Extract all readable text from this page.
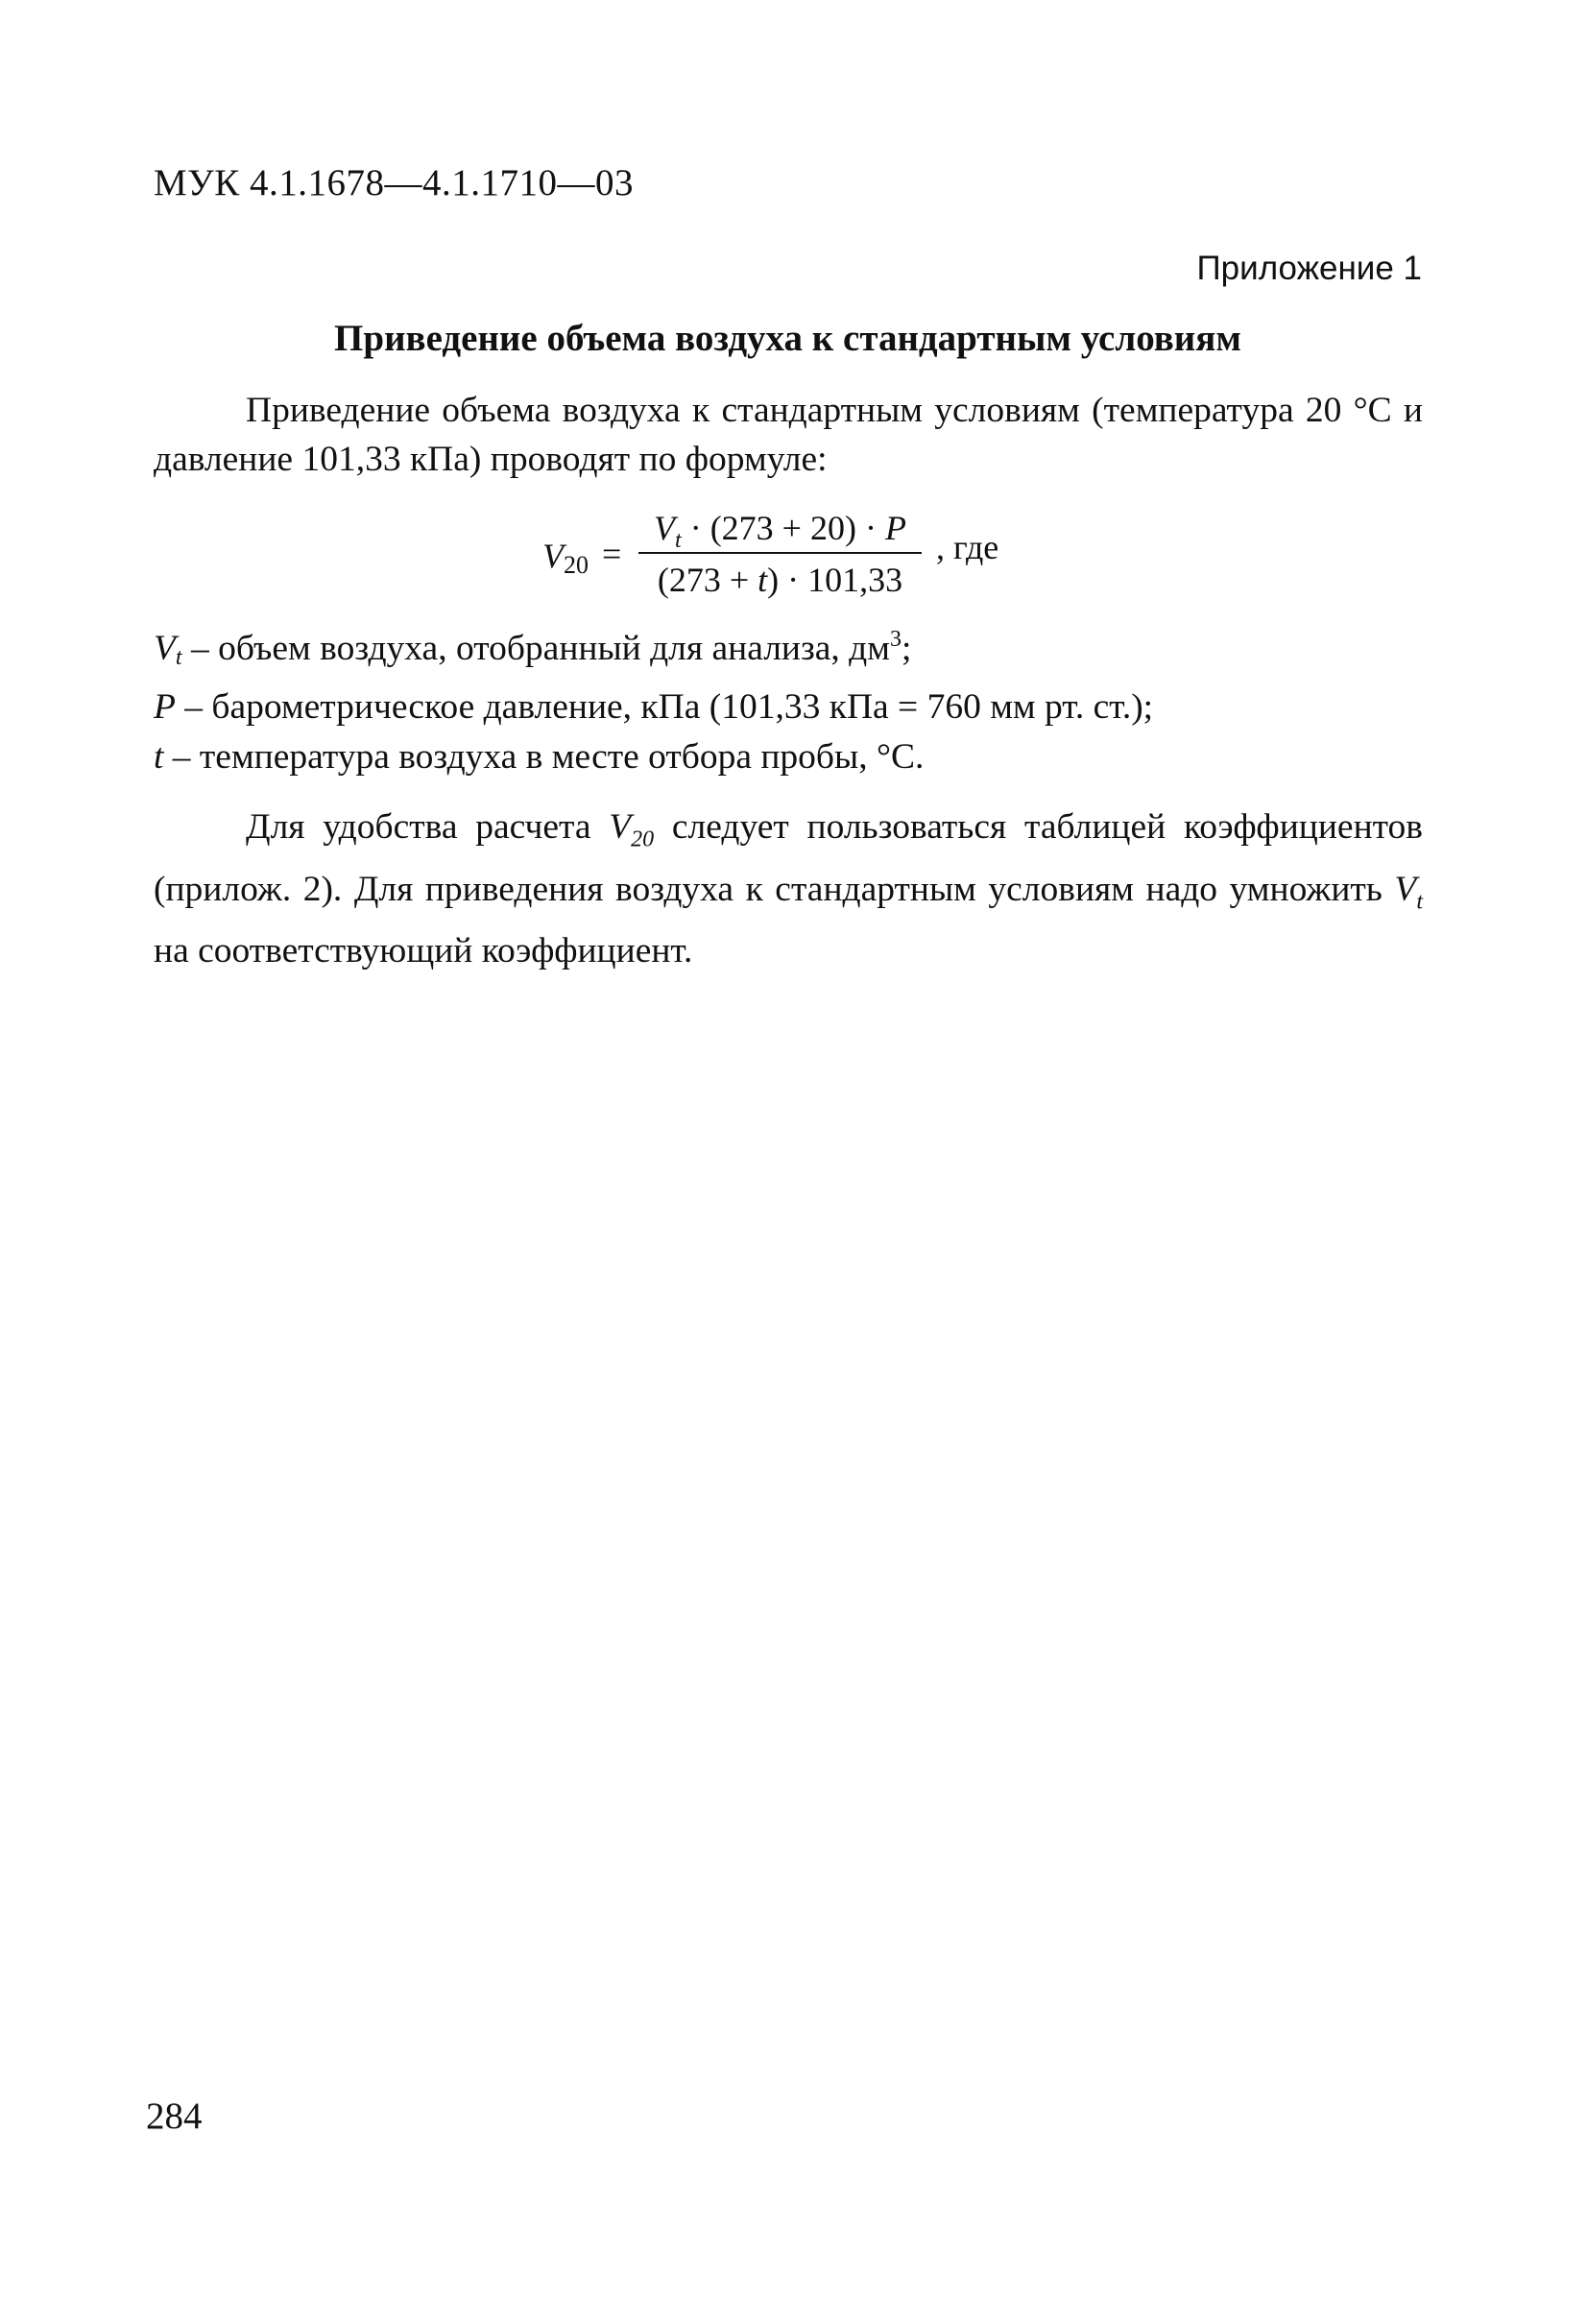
МУК 4.1.1678—4.1.1710—03
Приложение 1
Приведение объема воздуха к стандартным условиям

Приведение объема воздуха к стандартным условиям (температура 20 °С и давление 101,33 кПа) проводят по формуле:

$V_{20}$ =
$V_t \cdot (273 + 20) \cdot P$
(273 + t) · 101,33
, где
$V_t$ – объем воздуха, отобранный для анализа, $дм^3$;
P – барометрическое давление, кПа (101,33 кПа = 760 мм рт. ст.);
t – температура воздуха в месте отбора пробы, °С.

Для удобства расчета $V_{20}$ следует пользоваться таблицей коэффициентов (прилож. 2). Для приведения воздуха к стандартным условиям надо умножить $V_t$ на соответствующий коэффициент.

284
